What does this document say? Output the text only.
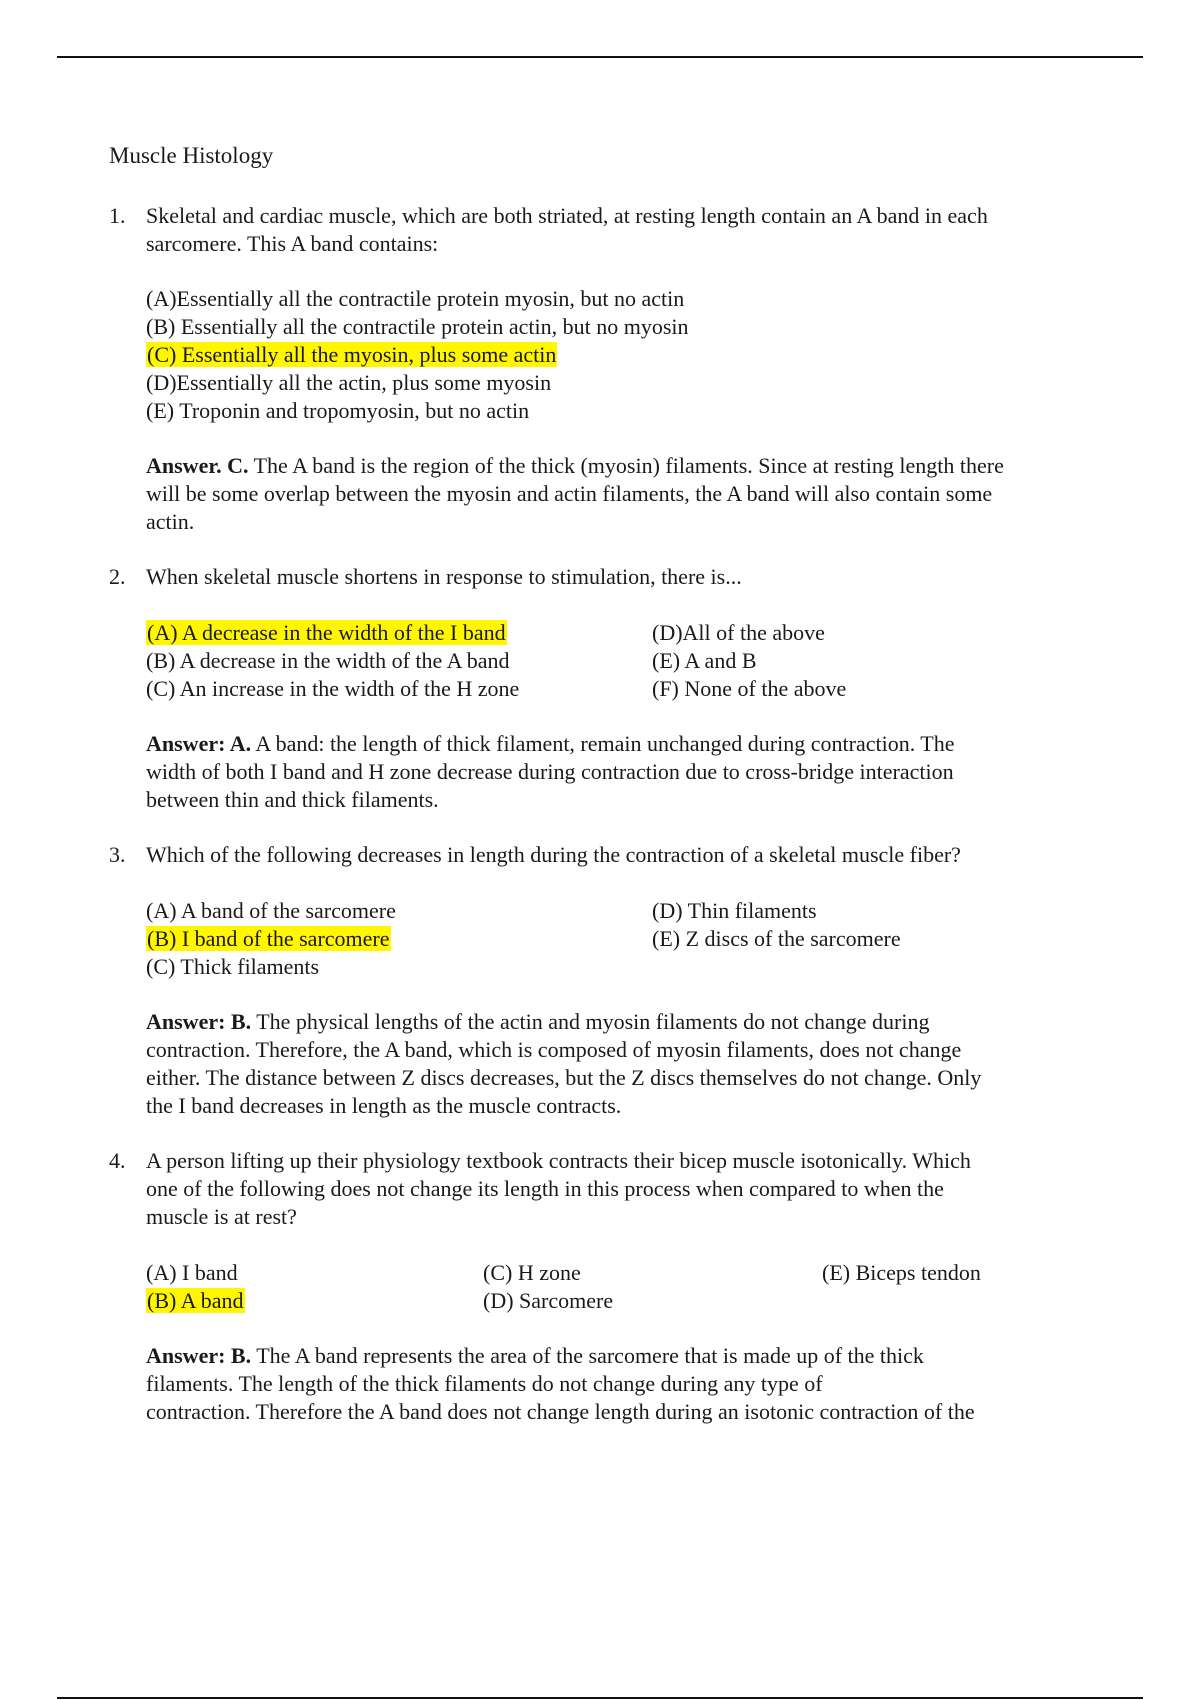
Muscle Histology
1. Skeletal and cardiac muscle, which are both striated, at resting length contain an A band in each
sarcomere. This A band contains:
(A)Essentially all the contractile protein myosin, but no actin
(B) Essentially all the contractile protein actin, but no myosin
(C) Essentially all the myosin, plus some actin
(D)Essentially all the actin, plus some myosin
(E) Troponin and tropomyosin, but no actin
Answer. C. The A band is the region of the thick (myosin) filaments. Since at resting length there
will be some overlap between the myosin and actin filaments, the A band will also contain some
actin.
2. When skeletal muscle shortens in response to stimulation, there is...
(A) A decrease in the width of the I band
(B) A decrease in the width of the A band
(C) An increase in the width of the H zone
(D)All of the above
(E) A and B
(F) None of the above
Answer: A. A band: the length of thick filament, remain unchanged during contraction. The
width of both I band and H zone decrease during contraction due to cross-bridge interaction
between thin and thick filaments.
3. Which of the following decreases in length during the contraction of a skeletal muscle fiber?
(A) A band of the sarcomere
(B) I band of the sarcomere
(C) Thick filaments
(D) Thin filaments
(E) Z discs of the sarcomere
Answer: B. The physical lengths of the actin and myosin filaments do not change during
contraction. Therefore, the A band, which is composed of myosin filaments, does not change
either. The distance between Z discs decreases, but the Z discs themselves do not change. Only
the I band decreases in length as the muscle contracts.
4. A person lifting up their physiology textbook contracts their bicep muscle isotonically. Which
one of the following does not change its length in this process when compared to when the
muscle is at rest?
(A) I band
(B) A band
(C) H zone
(D) Sarcomere
(E) Biceps tendon
Answer: B. The A band represents the area of the sarcomere that is made up of the thick
filaments. The length of the thick filaments do not change during any type of
contraction. Therefore the A band does not change length during an isotonic contraction of the
